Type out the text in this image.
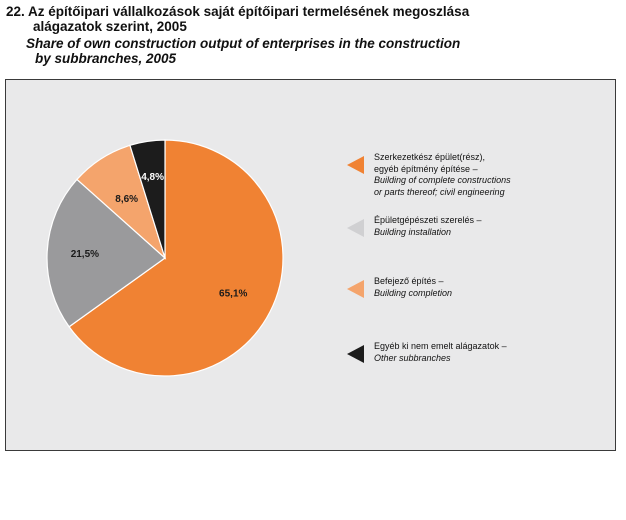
22. Az építőipari vállalkozások saját építőipari termelésének megoszlása
alágazatok szerint, 2005

Share of own construction output of enterprises in the construction
by subbranches, 2005

65,1%
21,5%
8,6%
4,8%
Szerkezetkész épület(rész),
egyéb építmény építése –
Building of complete constructions
or parts thereof; civil engineering
Épületgépészeti szerelés –
Building installation
Befejező építés –
Building completion
Egyéb ki nem emelt alágazatok –
Other subbranches
